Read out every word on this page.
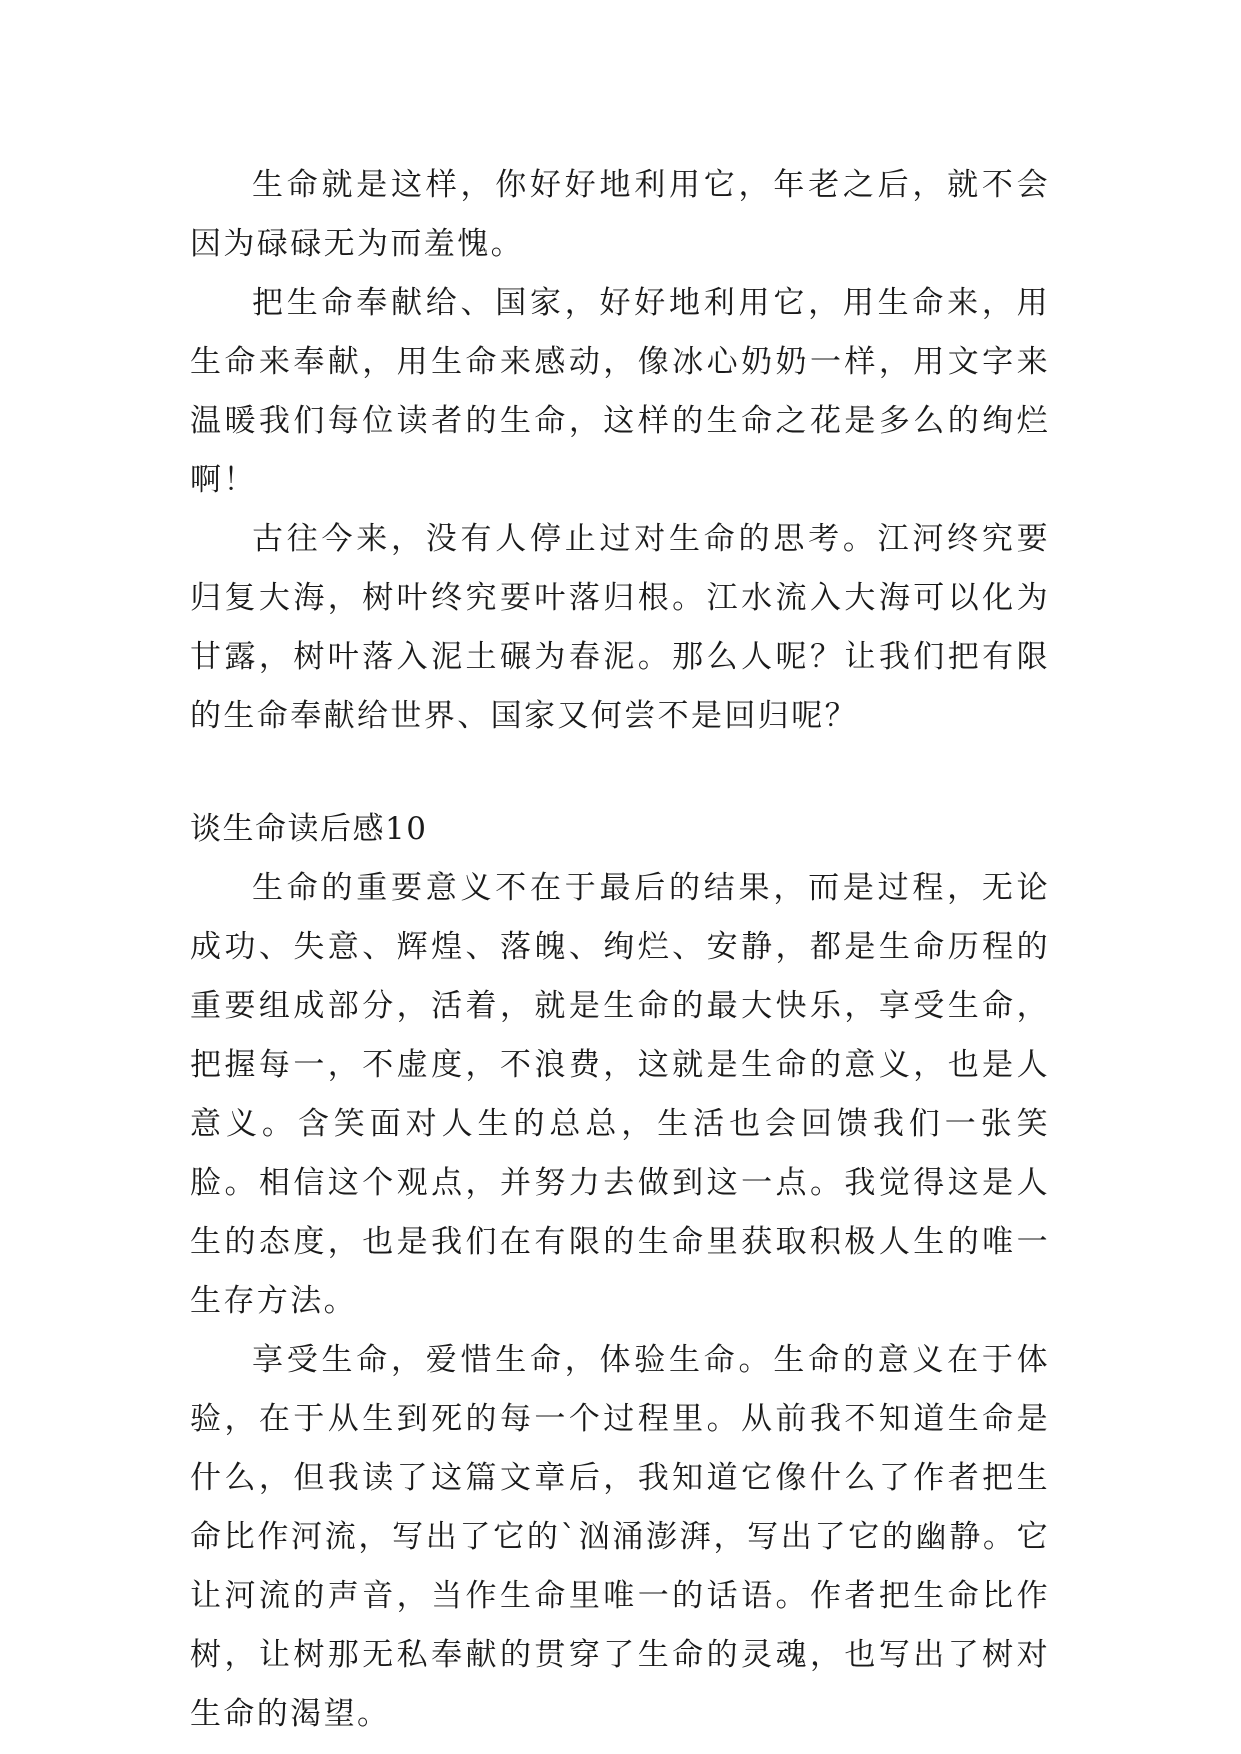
生命就是这样，你好好地利用它，年老之后，就不会因为碌碌无为而羞愧。

把生命奉献给、国家，好好地利用它，用生命来，用生命来奉献，用生命来感动，像冰心奶奶一样，用文字来温暖我们每位读者的生命，这样的生命之花是多么的绚烂啊！

古往今来，没有人停止过对生命的思考。江河终究要归复大海，树叶终究要叶落归根。江水流入大海可以化为甘露，树叶落入泥土碾为春泥。那么人呢？让我们把有限的生命奉献给世界、国家又何尝不是回归呢？

谈生命读后感10

生命的重要意义不在于最后的结果，而是过程，无论成功、失意、辉煌、落魄、绚烂、安静，都是生命历程的重要组成部分，活着，就是生命的最大快乐，享受生命，把握每一，不虚度，不浪费，这就是生命的意义，也是人意义。含笑面对人生的总总，生活也会回馈我们一张笑脸。相信这个观点，并努力去做到这一点。我觉得这是人生的态度，也是我们在有限的生命里获取积极人生的唯一生存方法。

享受生命，爱惜生命，体验生命。生命的意义在于体验，在于从生到死的每一个过程里。从前我不知道生命是什么，但我读了这篇文章后，我知道它像什么了作者把生命比作河流，写出了它的`汹涌澎湃，写出了它的幽静。它让河流的声音，当作生命里唯一的话语。作者把生命比作树，让树那无私奉献的贯穿了生命的灵魂，也写出了树对生命的渴望。
